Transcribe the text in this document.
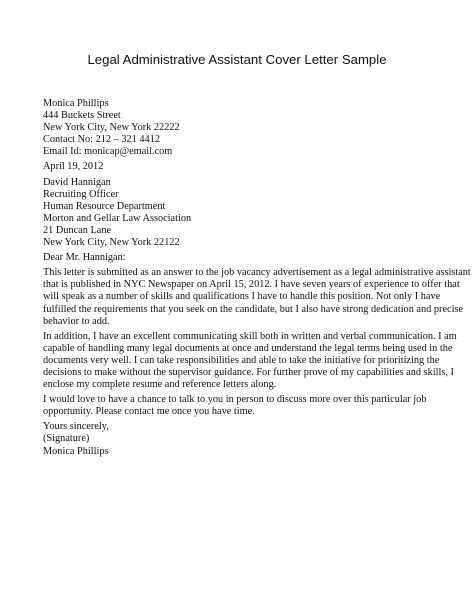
Legal Administrative Assistant Cover Letter Sample
Monica Phillips
444 Buckets Street
New York City, New York 22222
Contact No: 212 – 321 4412
Email Id: monicap@email.com
April 19, 2012
David Hannigan
Recruiting Officer
Human Resource Department
Morton and Gellar Law Association
21 Duncan Lane
New York City, New York 22122
Dear Mr. Hannigan:
This letter is submitted as an answer to the job vacancy advertisement as a legal administrative assistant
that is published in NYC Newspaper on April 15, 2012. I have seven years of experience to offer that
will speak as a number of skills and qualifications I have to handle this position. Not only I have
fulfilled the requirements that you seek on the candidate, but I also have strong dedication and precise
behavior to add.
In addition, I have an excellent communicating skill both in written and verbal communication. I am
capable of handling many legal documents at once and understand the legal terms being used in the
documents very well. I can take responsibilities and able to take the initiative for prioritizing the
decisions to make without the supervisor guidance. For further prove of my capabilities and skills, I
enclose my complete resume and reference letters along.
I would love to have a chance to talk to you in person to discuss more over this particular job
opportunity. Please contact me once you have time.
Yours sincerely,
(Signature)
Monica Phillips
